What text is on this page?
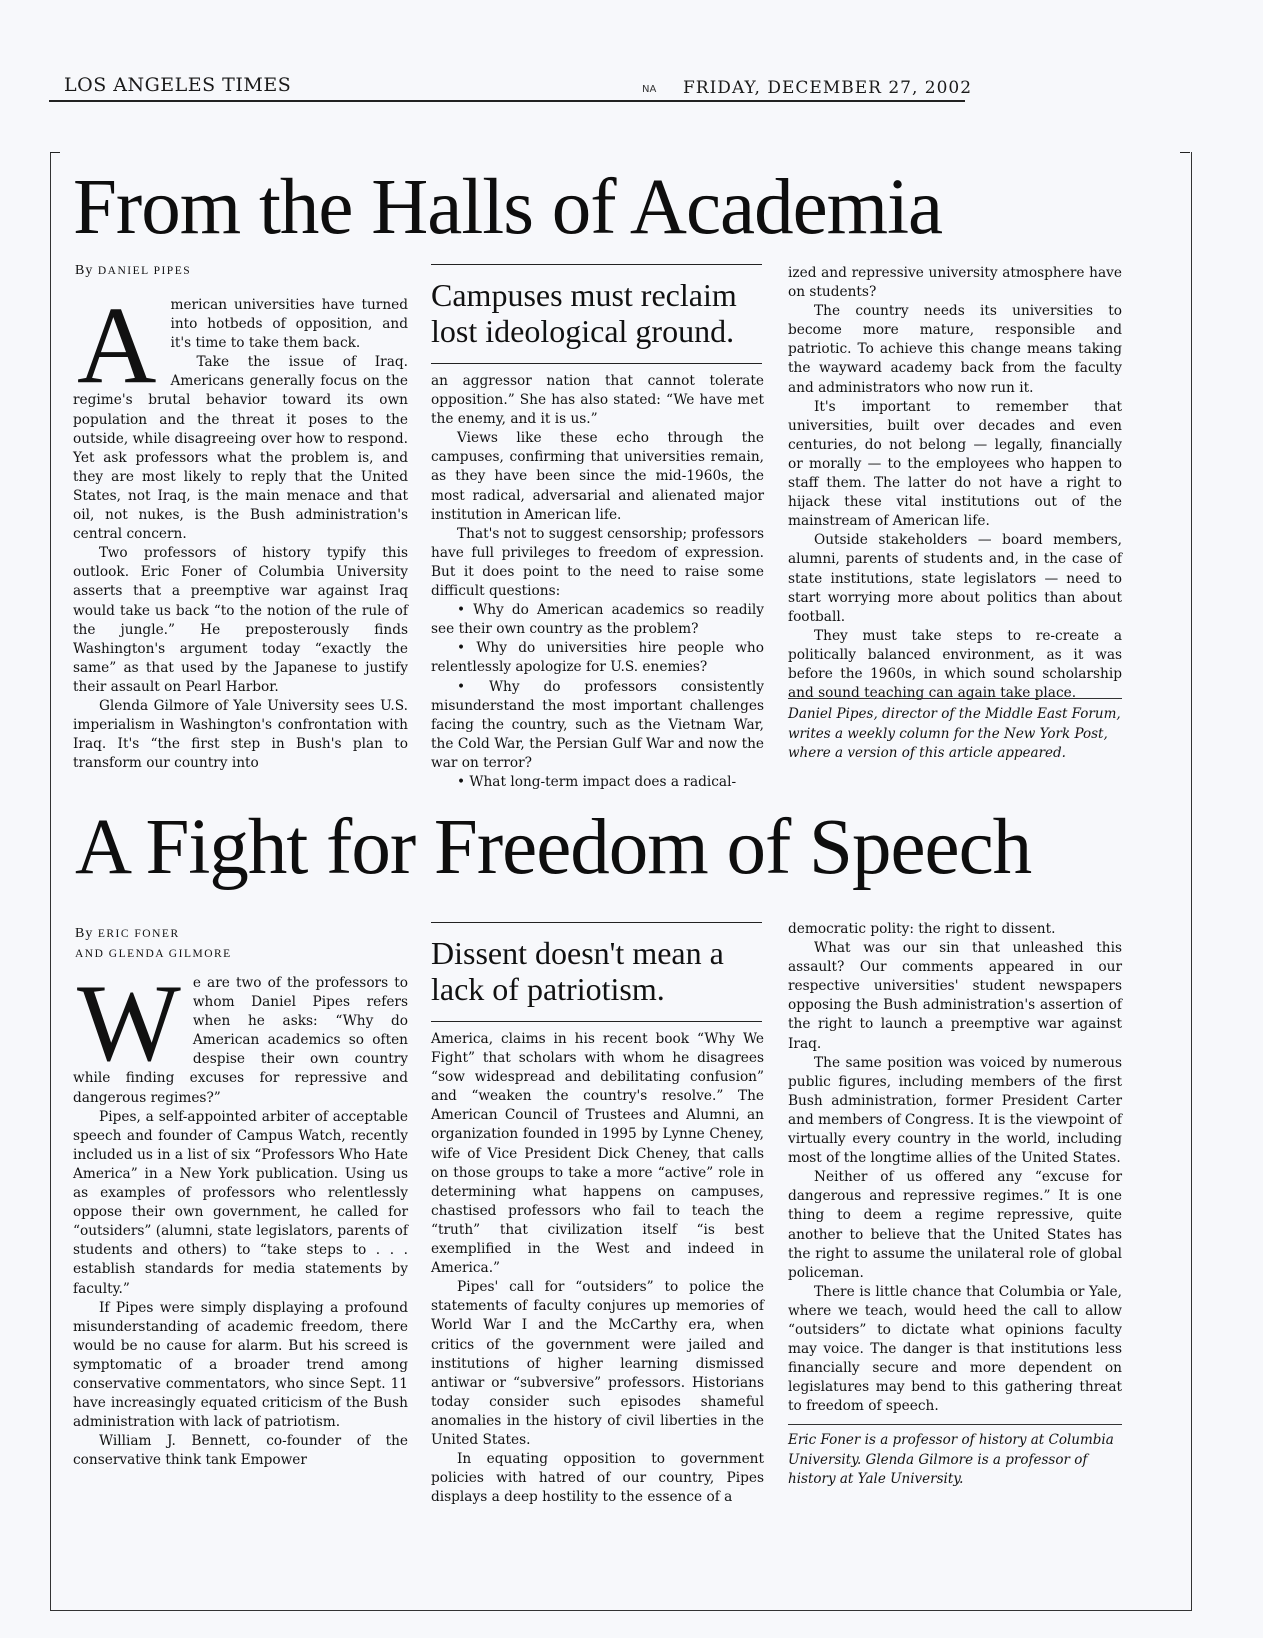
LOS ANGELES TIMES	NA FRIDAY, DECEMBER 27, 2002
From the Halls of Academia
By DANIEL PIPES
A	merican universities have turned into hotbeds of opposition, and it's time to take them back.

Take the issue of Iraq. Americans generally focus on the regime's brutal behavior toward its own population and the threat it poses to the outside, while disagreeing over how to respond. Yet ask professors what the problem is, and they are most likely to reply that the United States, not Iraq, is the main menace and that oil, not nukes, is the Bush administration's central concern.

Two professors of history typify this outlook. Eric Foner of Columbia University asserts that a preemptive war against Iraq would take us back “to the notion of the rule of the jungle.” He preposterously finds Washington's argument today “exactly the same” as that used by the Japanese to justify their assault on Pearl Harbor.

Glenda Gilmore of Yale University sees U.S. imperialism in Washington's confrontation with Iraq. It's “the first step in Bush's plan to transform our country into

Campuses must reclaim lost ideological ground.

an aggressor nation that cannot tolerate opposition.” She has also stated: “We have met the enemy, and it is us.”

Views like these echo through the campuses, confirming that universities remain, as they have been since the mid-1960s, the most radical, adversarial and alienated major institution in American life.

That's not to suggest censorship; professors have full privileges to freedom of expression. But it does point to the need to raise some difficult questions:

• Why do American academics so readily see their own country as the problem?

• Why do universities hire people who relentlessly apologize for U.S. enemies?

• Why do professors consistently misunderstand the most important challenges facing the country, such as the Vietnam War, the Cold War, the Persian Gulf War and now the war on terror?

• What long-term impact does a radical-

ized and repressive university atmosphere have on students?

The country needs its universities to become more mature, responsible and patriotic. To achieve this change means taking the wayward academy back from the faculty and administrators who now run it.

It's important to remember that universities, built over decades and even centuries, do not belong — legally, financially or morally — to the employees who happen to staff them. The latter do not have a right to hijack these vital institutions out of the mainstream of American life.

Outside stakeholders — board members, alumni, parents of students and, in the case of state institutions, state legislators — need to start worrying more about politics than about football.

They must take steps to re-create a politically balanced environment, as it was before the 1960s, in which sound scholarship and sound teaching can again take place.

Daniel Pipes, director of the Middle East Forum, writes a weekly column for the New York Post, where a version of this article appeared.
A Fight for Freedom of Speech
By ERIC FONER
AND GLENDA GILMORE
W e are two of the professors to whom Daniel Pipes refers when he asks: “Why do American academics so often despise their own country while finding excuses for repressive and dangerous regimes?”

Pipes, a self-appointed arbiter of acceptable speech and founder of Campus Watch, recently included us in a list of six “Professors Who Hate America” in a New York publication. Using us as examples of professors who relentlessly oppose their own government, he called for “outsiders” (alumni, state legislators, parents of students and others) to “take steps to . . . establish standards for media statements by faculty.”

If Pipes were simply displaying a profound misunderstanding of academic freedom, there would be no cause for alarm. But his screed is symptomatic of a broader trend among conservative commentators, who since Sept. 11 have increasingly equated criticism of the Bush administration with lack of patriotism.

William J. Bennett, co-founder of the conservative think tank Empower

Dissent doesn't mean a lack of patriotism.

America, claims in his recent book “Why We Fight” that scholars with whom he disagrees “sow widespread and debilitating confusion” and “weaken the country's resolve.” The American Council of Trustees and Alumni, an organization founded in 1995 by Lynne Cheney, wife of Vice President Dick Cheney, that calls on those groups to take a more “active” role in determining what happens on campuses, chastised professors who fail to teach the “truth” that civilization itself “is best exemplified in the West and indeed in America.”

Pipes' call for “outsiders” to police the statements of faculty conjures up memories of World War I and the McCarthy era, when critics of the government were jailed and institutions of higher learning dismissed antiwar or “subversive” professors. Historians today consider such episodes shameful anomalies in the history of civil liberties in the United States.

In equating opposition to government policies with hatred of our country, Pipes displays a deep hostility to the essence of a

democratic polity: the right to dissent.

What was our sin that unleashed this assault? Our comments appeared in our respective universities' student newspapers opposing the Bush administration's assertion of the right to launch a preemptive war against Iraq.

The same position was voiced by numerous public figures, including members of the first Bush administration, former President Carter and members of Congress. It is the viewpoint of virtually every country in the world, including most of the longtime allies of the United States.

Neither of us offered any “excuse for dangerous and repressive regimes.” It is one thing to deem a regime repressive, quite another to believe that the United States has the right to assume the unilateral role of global policeman.

There is little chance that Columbia or Yale, where we teach, would heed the call to allow “outsiders” to dictate what opinions faculty may voice. The danger is that institutions less financially secure and more dependent on legislatures may bend to this gathering threat to freedom of speech.

Eric Foner is a professor of history at Columbia University. Glenda Gilmore is a professor of history at Yale University.
